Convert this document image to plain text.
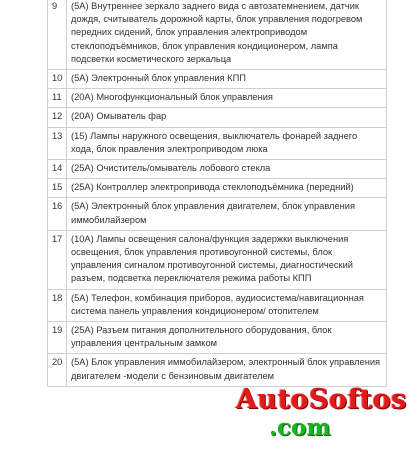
9	(5A) Внутреннее зеркало заднего вида с автозатемнением, датчик дождя, считыватель дорожной карты, блок управления подогревом передних сидений, блок управления электроприводом стеклоподъёмников, блок управления кондиционером, лампа подсветки косметического зеркальца
10	(5A) Электронный блок управления КПП
11	(20A) Многофункциональный блок управления
12	(20A) Омыватель фар
13	(15) Лампы наружного освещения, выключатель фонарей заднего хода, блок правления электроприводом люка
14	(25A) Очиститель/омыватель лобового стекла
15	(25A) Контроллер электропривода стеклоподъёмника (передний)
16	(5A) Электронный блок управления двигателем, блок управления иммобилайзером
17	(10A) Лампы освещения салона/функция задержки выключения освещения, блок управления противоугонной системы, блок управления сигналом противоугонной системы, диагностический разъем, подсветка переключателя режима работы КПП
18	(5A) Телефон, комбинация приборов, аудиосистема/навигационная система панель управления кондиционером/ отопителем
19	(25A) Разъем питания дополнительного оборудования, блок управления центральным замком
20	(5A) Блок управления иммобилайзером, электронный блок управления двигателем -модели с бензиновым двигателем
AutoSoftos
.com
